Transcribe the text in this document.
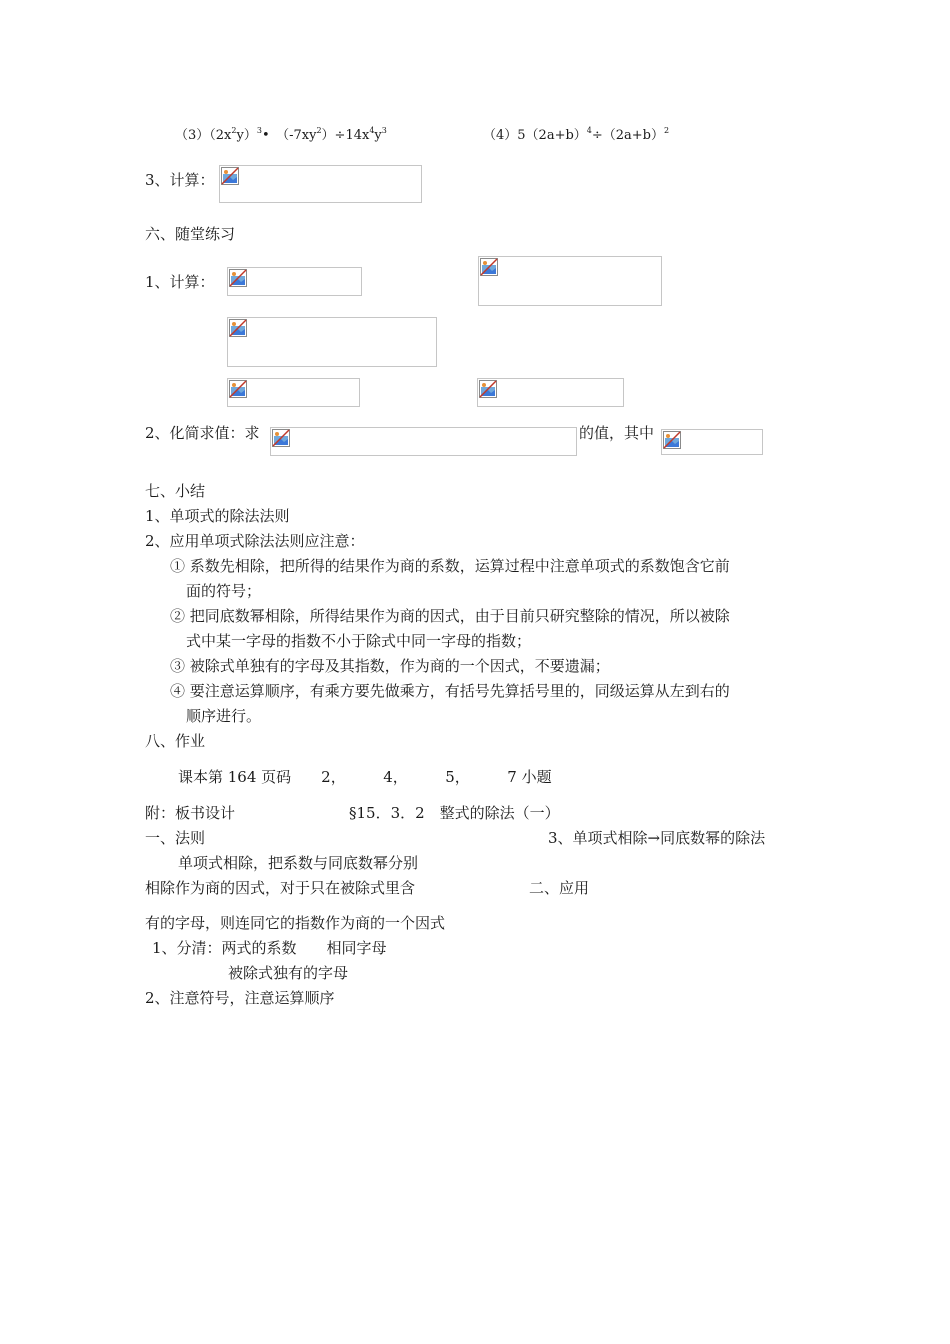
$(3)(2x^2y)^3•$　$(-7xy^2)\div 14x^4y^3$	$(4)5(2a+b)^4\div(2a+b)^2$
3、计算：
六、随堂练习
1、计算：
2、化简求值：求	的值，其中
七、小结
1、单项式的除法法则
2、应用单项式除法法则应注意：
① 系数先相除，把所得的结果作为商的系数，运算过程中注意单项式的系数饱含它前
面的符号；
② 把同底数幂相除，所得结果作为商的因式，由于目前只研究整除的情况，所以被除
式中某一字母的指数不小于除式中同一字母的指数；
③ 被除式单独有的字母及其指数，作为商的一个因式，不要遗漏；
④ 要注意运算顺序，有乘方要先做乘方，有括号先算括号里的，同级运算从左到右的
顺序进行。
八、作业
课本第 164 页码　　2，　　　4，　　　5，　　　7 小题
附：板书设计	§15．3．2　整式的除法（一）
一、法则	3、单项式相除→同底数幂的除法
单项式相除，把系数与同底数幂分别
相除作为商的因式，对于只在被除式里含	二、应用
有的字母，则连同它的指数作为商的一个因式
1、分清：两式的系数　　相同字母
被除式独有的字母
2、注意符号，注意运算顺序
